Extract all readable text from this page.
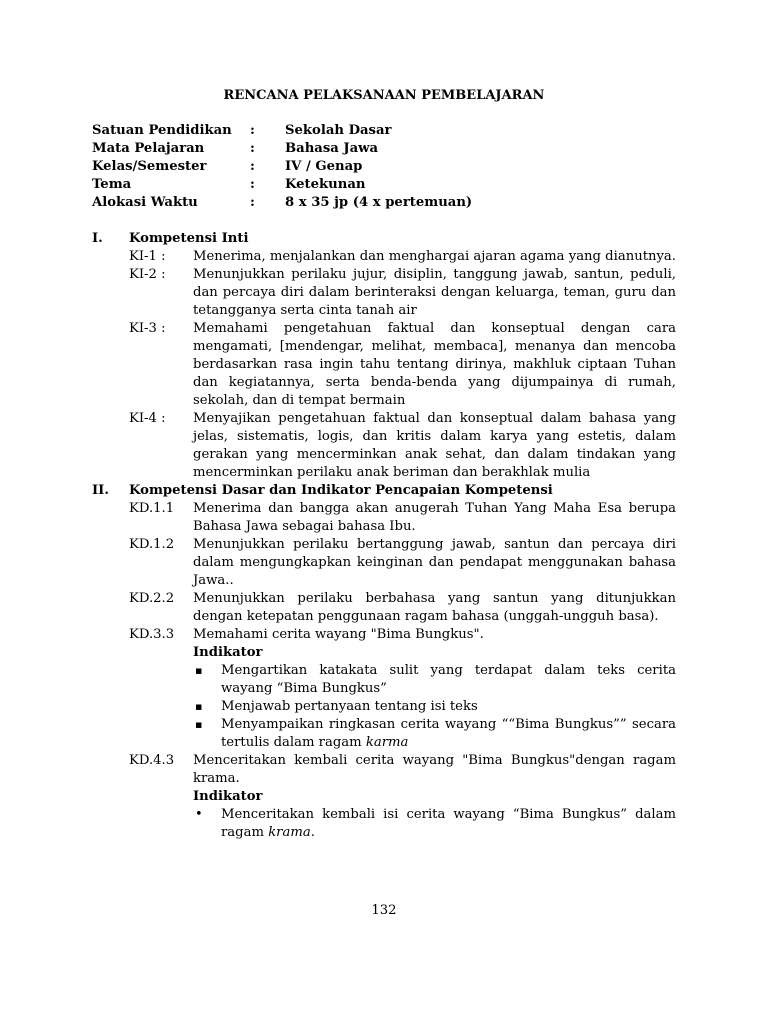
RENCANA PELAKSANAAN PEMBELAJARAN
Satuan Pendidikan : Sekolah Dasar
Mata Pelajaran	: Bahasa Jawa
Kelas/Semester	: IV / Genap
Tema	: Ketekunan
Alokasi Waktu	: 8 x 35 jp (4 x pertemuan)
I. Kompetensi Inti
KI-1 : Menerima, menjalankan dan menghargai ajaran agama yang dianutnya.
KI-2 : Menunjukkan perilaku jujur, disiplin, tanggung jawab, santun, peduli, dan percaya diri dalam berinteraksi dengan keluarga, teman, guru dan tetangganya serta cinta tanah air
KI-3 : Memahami pengetahuan faktual dan konseptual dengan cara mengamati, [mendengar, melihat, membaca], menanya dan mencoba berdasarkan rasa ingin tahu tentang dirinya, makhluk ciptaan Tuhan dan kegiatannya, serta benda-benda yang dijumpainya di rumah, sekolah, dan di tempat bermain
KI-4 : Menyajikan pengetahuan faktual dan konseptual dalam bahasa yang jelas, sistematis, logis, dan kritis dalam karya yang estetis, dalam gerakan yang mencerminkan anak sehat, dan dalam tindakan yang mencerminkan perilaku anak beriman dan berakhlak mulia
II. Kompetensi Dasar dan Indikator Pencapaian Kompetensi
KD.1.1 Menerima dan bangga akan anugerah Tuhan Yang Maha Esa berupa Bahasa Jawa sebagai bahasa Ibu.
KD.1.2 Menunjukkan perilaku bertanggung jawab, santun dan percaya diri dalam mengungkapkan keinginan dan pendapat menggunakan bahasa Jawa..
KD.2.2 Menunjukkan perilaku berbahasa yang santun yang ditunjukkan dengan ketepatan penggunaan ragam bahasa (unggah-ungguh basa).
KD.3.3 Memahami cerita wayang "Bima Bungkus".
Indikator
▪ Mengartikan katakata sulit yang terdapat dalam teks cerita wayang “Bima Bungkus”
▪ Menjawab pertanyaan tentang isi teks
▪ Menyampaikan ringkasan cerita wayang ““Bima Bungkus”” secara tertulis dalam ragam karma
KD.4.3 Menceritakan kembali cerita wayang "Bima Bungkus"dengan ragam krama.
Indikator
• Menceritakan kembali isi cerita wayang “Bima Bungkus” dalam ragam krama.
132
